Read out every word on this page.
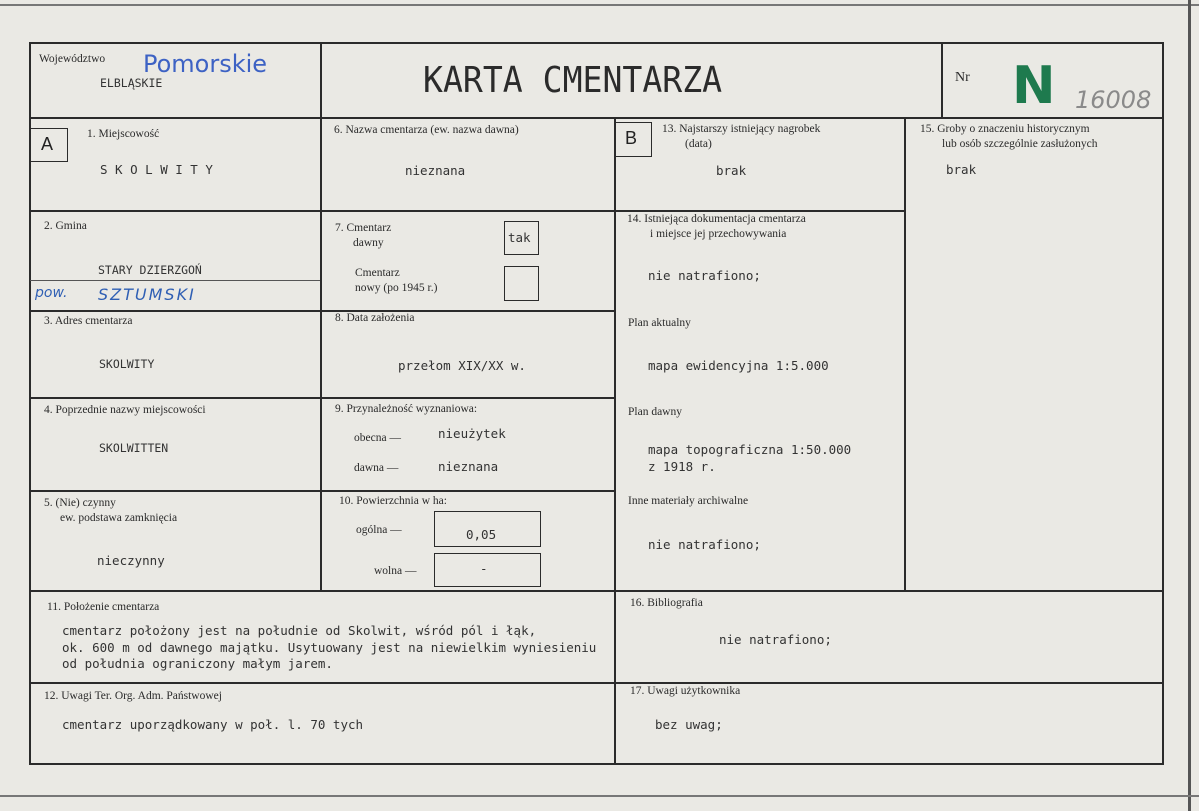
Województwo Pomorskie
ELBLĄSKIE	KARTA CMENTARZA	Nr N 16008
A	1. Miejscowość
S K O L W I T Y
2. Gmina
STARY DZIERZGOŃ
pow. SZTUMSKI
3. Adres cmentarza
SKOLWITY
4. Poprzednie nazwy miejscowości
SKOLWITTEN
5. (Nie) czynny
ew. podstawa zamknięcia
nieczynny
6. Nazwa cmentarza (ew. nazwa dawna)
nieznana
7. Cmentarz
dawny	tak
Cmentarz
nowy (po 1945 r.)
8. Data założenia
przełom XIX/XX w.
9. Przynależność wyznaniowa:
obecna —	nieużytek
dawna —	nieznana
10. Powierzchnia w ha:
ogólna —	0,05
wolna —	-
B 13. Najstarszy istniejący nagrobek
(data)
brak
14. Istniejąca dokumentacja cmentarza
i miejsce jej przechowywania
nie natrafiono;
Plan aktualny
mapa ewidencyjna 1:5.000
Plan dawny
mapa topograficzna 1:50.000
z 1918 r.
Inne materiały archiwalne
nie natrafiono;
15. Groby o znaczeniu historycznym
lub osób szczególnie zasłużonych
brak
11. Położenie cmentarza
cmentarz położony jest na południe od Skolwit, wśród pól i łąk,
ok. 600 m od dawnego majątku. Usytuowany jest na niewielkim wyniesieniu
od południa ograniczony małym jarem.
12. Uwagi Ter. Org. Adm. Państwowej
cmentarz uporządkowany w poł. l. 70 tych
16. Bibliografia
nie natrafiono;
17. Uwagi użytkownika
bez uwag;
